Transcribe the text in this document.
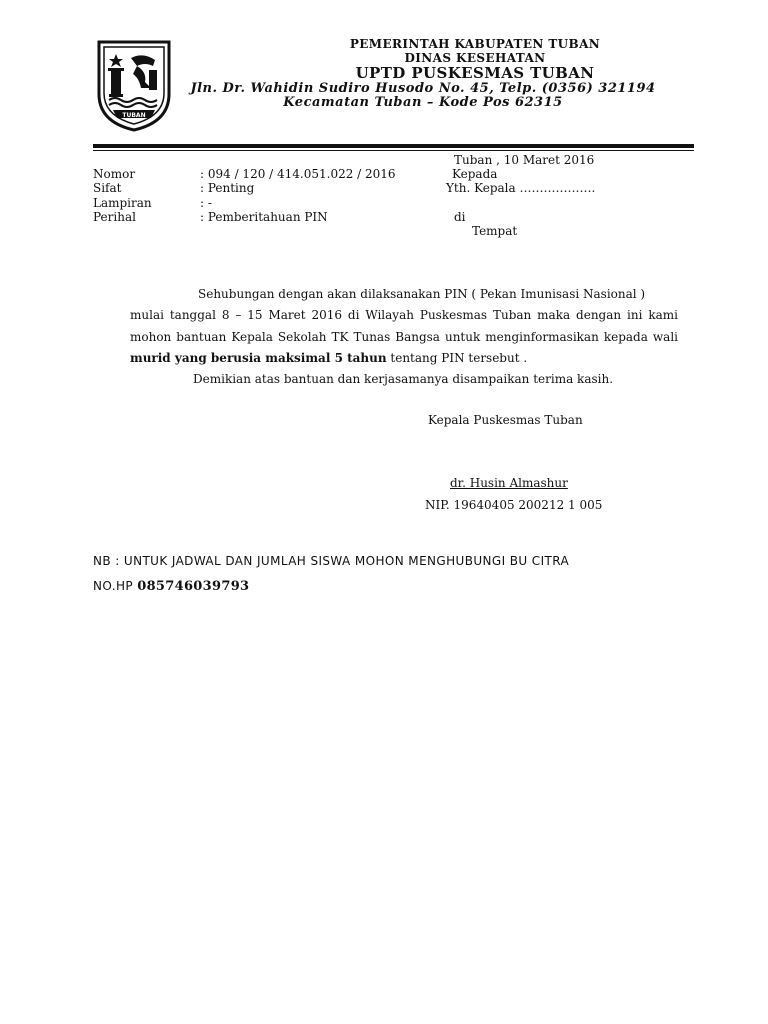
TUBAN
PEMERINTAH KABUPATEN TUBAN
DINAS KESEHATAN
UPTD PUSKESMAS TUBAN
Jln. Dr. Wahidin Sudiro Husodo No. 45, Telp. (0356) 321194
Kecamatan Tuban – Kode Pos 62315
Tuban , 10 Maret 2016
Nomor	: 094 / 120 / 414.051.022 / 2016
Sifat	: Penting
Lampiran	: -
Perihal	: Pemberitahuan PIN
Kepada
Yth. Kepala ……………….
di
Tempat
Sehubungan dengan akan dilaksanakan PIN ( Pekan Imunisasi Nasional )
mulai tanggal 8 – 15 Maret 2016 di Wilayah Puskesmas Tuban maka dengan ini kami mohon bantuan Kepala Sekolah TK Tunas Bangsa untuk menginformasikan kepada wali murid yang berusia maksimal 5 tahun tentang PIN tersebut .
Demikian atas bantuan dan kerjasamanya disampaikan terima kasih.
Kepala Puskesmas Tuban
dr. Husin Almashur
NIP. 19640405 200212 1 005
NB : UNTUK JADWAL DAN JUMLAH SISWA MOHON MENGHUBUNGI BU CITRA
NO.HP 085746039793
